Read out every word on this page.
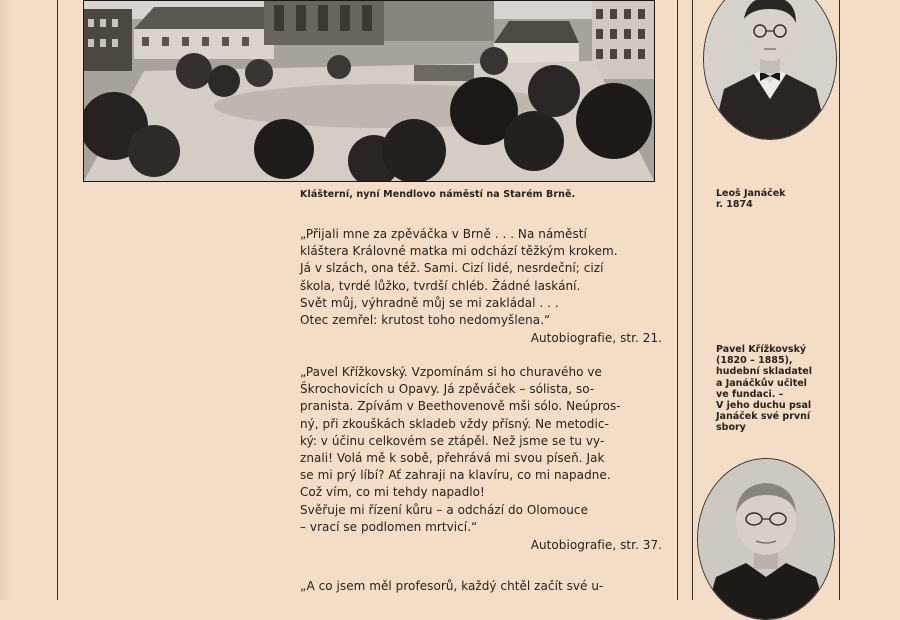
Klášterní, nyní Mendlovo náměstí na Starém Brně.
„Přijali mne za zpěváčka v Brně . . . Na náměstí
kláštera Královné matka mi odchází těžkým krokem.
Já v slzách, ona též. Sami. Cizí lidé, nesrdeční; cizí
škola, tvrdé lůžko, tvrdší chléb. Žádné laskání.
Svět můj, výhradně můj se mi zakládal . . .
Otec zemřel: krutost toho nedomyšlena.“
Autobiografie, str. 21.
„Pavel Křížkovský. Vzpomínám si ho churavého ve
Škrochovicích u Opavy. Já zpěváček – sólista, so-
pranista. Zpívám v Beethovenově mši sólo. Neúpros-
ný, při zkouškách skladeb vždy přísný. Ne metodic-
ký: v účinu celkovém se ztápěl. Než jsme se tu vy-
znali! Volá mě k sobě, přehrává mi svou píseň. Jak
se mi prý líbí? Ať zahraji na klavíru, co mi napadne.
Což vím, co mi tehdy napadlo!
Svěřuje mi řízení kůru – a odchází do Olomouce
– vrací se podlomen mrtvicí.“
Autobiografie, str. 37.
„A co jsem měl profesorů, každý chtěl začít své u-
Leoš Janáček
r. 1874
Pavel Křížkovský
(1820 – 1885),
hudební skladatel
a Janáčkův učitel
ve fundaci. –
V jeho duchu psal
Janáček své první
sbory
